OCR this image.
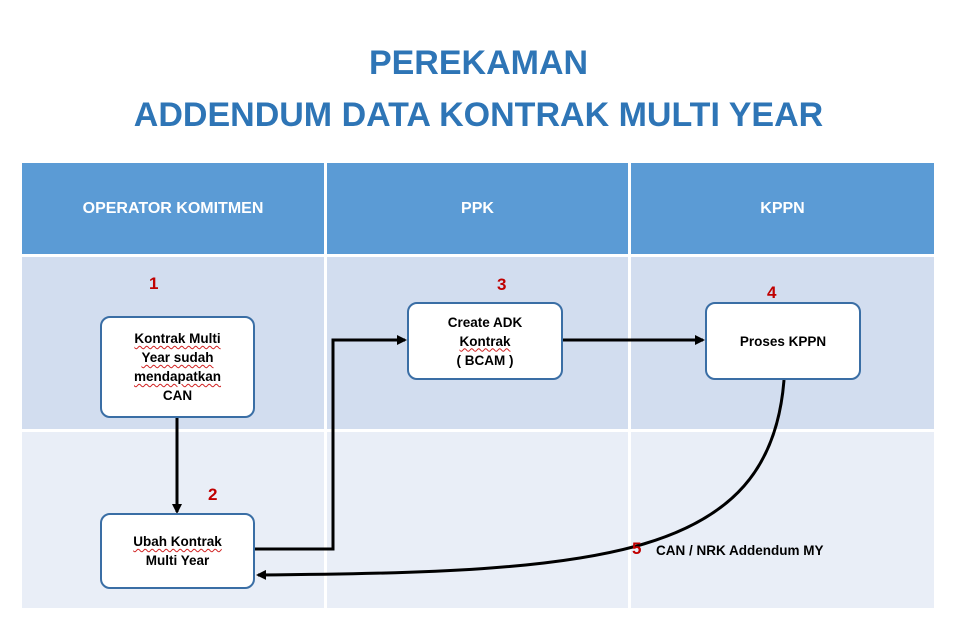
PEREKAMAN
ADDENDUM DATA KONTRAK MULTI YEAR
OPERATOR KOMITMEN	PPK	KPPN
1
2
3	4
5
Kontrak Multi
Year sudah
mendapatkan
CAN
Ubah Kontrak
Multi Year
Create ADK
Kontrak
( BCAM )
Proses KPPN
CAN / NRK Addendum MY
